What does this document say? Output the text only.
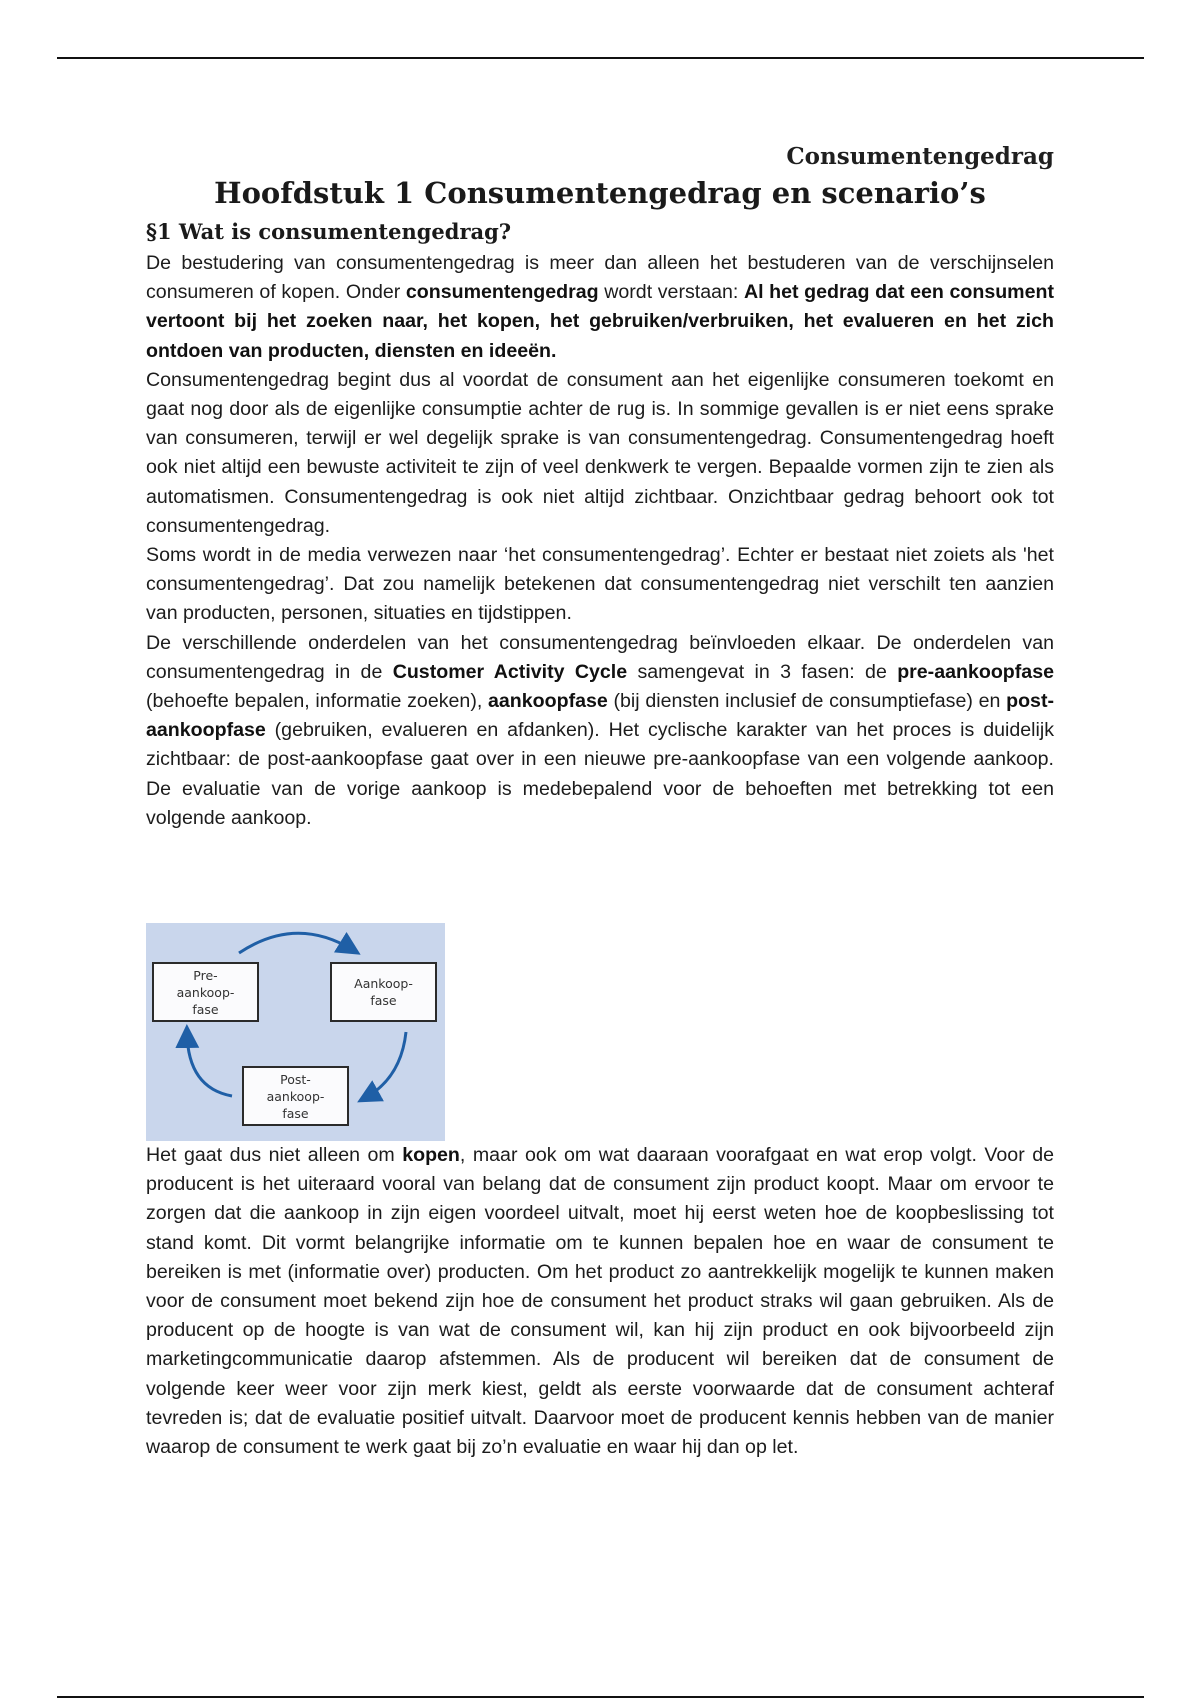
Consumentengedrag
Hoofdstuk 1 Consumentengedrag en scenario’s
§1 Wat is consumentengedrag?

De bestudering van consumentengedrag is meer dan alleen het bestuderen van de verschijnselen consumeren of kopen. Onder consumentengedrag wordt verstaan: Al het gedrag dat een consument vertoont bij het zoeken naar, het kopen, het gebruiken/verbruiken, het evalueren en het zich ontdoen van producten, diensten en ideeën.

Consumentengedrag begint dus al voordat de consument aan het eigenlijke consumeren toekomt en gaat nog door als de eigenlijke consumptie achter de rug is. In sommige gevallen is er niet eens sprake van consumeren, terwijl er wel degelijk sprake is van consumentengedrag. Consumentengedrag hoeft ook niet altijd een bewuste activiteit te zijn of veel denkwerk te vergen. Bepaalde vormen zijn te zien als automatismen. Consumentengedrag is ook niet altijd zichtbaar. Onzichtbaar gedrag behoort ook tot consumentengedrag.

Soms wordt in de media verwezen naar ‘het consumentengedrag’. Echter er bestaat niet zoiets als 'het consumentengedrag’. Dat zou namelijk betekenen dat consumentengedrag niet verschilt ten aanzien van producten, personen, situaties en tijdstippen.

De verschillende onderdelen van het consumentengedrag beïnvloeden elkaar. De onderdelen van consumentengedrag in de Customer Activity Cycle samengevat in 3 fasen: de pre-aankoopfase (behoefte bepalen, informatie zoeken), aankoopfase (bij diensten inclusief de consumptiefase) en post-aankoopfase (gebruiken, evalueren en afdanken). Het cyclische karakter van het proces is duidelijk zichtbaar: de post-aankoopfase gaat over in een nieuwe pre-aankoopfase van een volgende aankoop. De evaluatie van de vorige aankoop is medebepalend voor de behoeften met betrekking tot een volgende aankoop.

Pre-aankoop-fase
Aankoop-fase
Post-aankoop-fase

Het gaat dus niet alleen om kopen, maar ook om wat daaraan voorafgaat en wat erop volgt. Voor de producent is het uiteraard vooral van belang dat de consument zijn product koopt. Maar om ervoor te zorgen dat die aankoop in zijn eigen voordeel uitvalt, moet hij eerst weten hoe de koopbeslissing tot stand komt. Dit vormt belangrijke informatie om te kunnen bepalen hoe en waar de consument te bereiken is met (informatie over) producten. Om het product zo aantrekkelijk mogelijk te kunnen maken voor de consument moet bekend zijn hoe de consument het product straks wil gaan gebruiken. Als de producent op de hoogte is van wat de consument wil, kan hij zijn product en ook bijvoorbeeld zijn marketingcommunicatie daarop afstemmen. Als de producent wil bereiken dat de consument de volgende keer weer voor zijn merk kiest, geldt als eerste voorwaarde dat de consument achteraf tevreden is; dat de evaluatie positief uitvalt. Daarvoor moet de producent kennis hebben van de manier waarop de consument te werk gaat bij zo’n evaluatie en waar hij dan op let.
